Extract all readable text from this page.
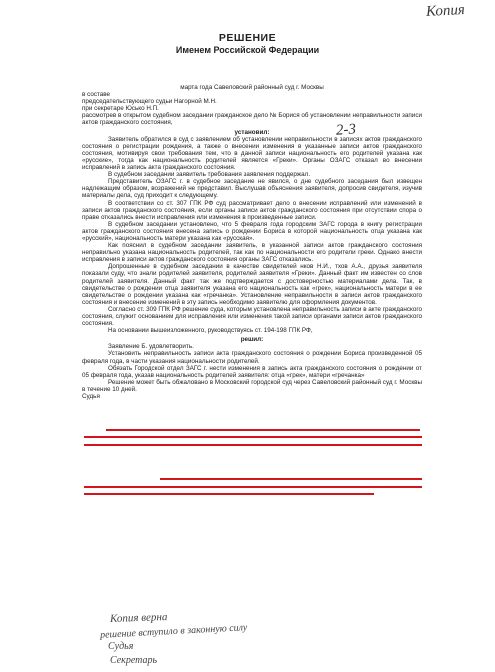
Копия
РЕШЕНИЕ
Именем Российской Федерации
2-3

марта года Савеловский районный суд г. Москвы

в составе

председательствующего судьи Нагорной М.Н.

при секретаре Юсько Н.П.

рассмотрев в открытом судебном заседании гражданское дело № Борися об установлении неправильности записи актов гражданского состояния,

установил:

Заявитель обратился в суд с заявлением об установлении неправильности в записях актов гражданского состояния о регистрации рождения, а также о внесении изменения в указанные записи актов гражданского состояния, мотивируя свои требования тем, что в данной записи национальность его родителей указана как «русские», тогда как национальность родителей является «Греки». Органы ОЗАГС отказал во внесении исправлений в запись акта гражданского состояния.

В судебном заседании заявитель требования заявления поддержал.

Представитель ОЗАГС г. в судебное заседание не явился, о дне судебного заседания был извещен надлежащим образом, возражений не представил. Выслушав объяснения заявителя, допросив свидетеля, изучив материалы дела, суд приходит к следующему.

В соответствии со ст. 307 ГПК РФ суд рассматривает дело о внесении исправлений или изменений в записи актов гражданского состояния, если органы записи актов гражданского состояния при отсутствии спора о праве отказались внести исправления или изменения в произведенные записи.

В судебном заседании установлено, что 5 февраля года городским ЗАГС города в книгу регистрации актов гражданского состояния внесена запись о рождении Бориса в которой национальность отца указана как «русский», национальность матери указана как «русская».

Как пояснил в судебном заседании заявитель, в указанной записи актов гражданского состояния неправильно указана национальность родителей, так как по национальности его родители греки. Однако внести исправления в записи актов гражданского состояния органы ЗАГС отказались.

Допрошенные в судебном заседании в качестве свидетелей нков Н.И., тхов А.А., друзья заявителя показали суду, что знали родителей заявителя, родителей заявителя «Греки». Данный факт им известен со слов родителей заявителя. Данный факт так же подтверждается с достоверностью материалами дела. Так, в свидетельстве о рождении отца заявителя указана его национальность как «грек», национальность матери в ее свидетельстве о рождении указана как «гречанка». Установление неправильности в записи актов гражданского состояния и внесение изменений в эту запись необходимо заявителю для оформления документов.

Согласно ст. 309 ГПК РФ решение суда, которым установлена неправильность записи в акте гражданского состояния, служит основанием для исправления или изменения такой записи органами записи актов гражданского состояния.

На основании вышеизложенного, руководствуясь ст. 194-198 ГПК РФ,

решил:

Заявление Б. удовлетворить.

Установить неправильность записи акта гражданского состояния о рождении Бориса произведенной 05 февраля года, в части указания национальности родителей.

Обязать Городской отдел ЗАГС г. нести изменения в запись акта гражданского состояния о рождении от 05 февраля года, указав национальность родителей заявителя: отца «грек», матери «гречанка»

Решение может быть обжаловано в Московский городской суд через Савеловский районный суд г. Москвы в течение 10 дней.

Судья

Копия верна
решение вступило в законную силу
Судья
Секретарь
